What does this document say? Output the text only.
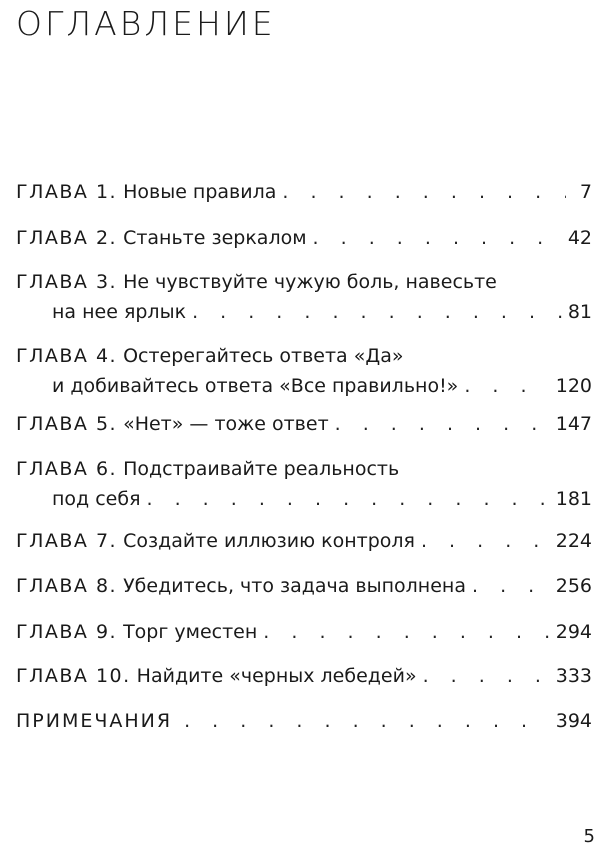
ОГЛАВЛЕНИЕ
ГЛАВА 1. Новые правила . . .	7
ГЛАВА 2. Станьте зеркалом . . .	42
ГЛАВА 3. Не чувствуйте чужую боль, навесьте
на нее ярлык . . .	81
ГЛАВА 4. Остерегайтесь ответа «Да»
и добивайтесь ответа «Все правильно!» . . .	120
ГЛАВА 5. «Нет» — тоже ответ . . .	147
ГЛАВА 6. Подстраивайте реальность
под себя . . .	181
ГЛАВА 7. Создайте иллюзию контроля . . .	224
ГЛАВА 8. Убедитесь, что задача выполнена . . .	256
ГЛАВА 9. Торг уместен . . .	294
ГЛАВА 10. Найдите «черных лебедей» . . .	333
ПРИМЕЧАНИЯ . . .	394
5
